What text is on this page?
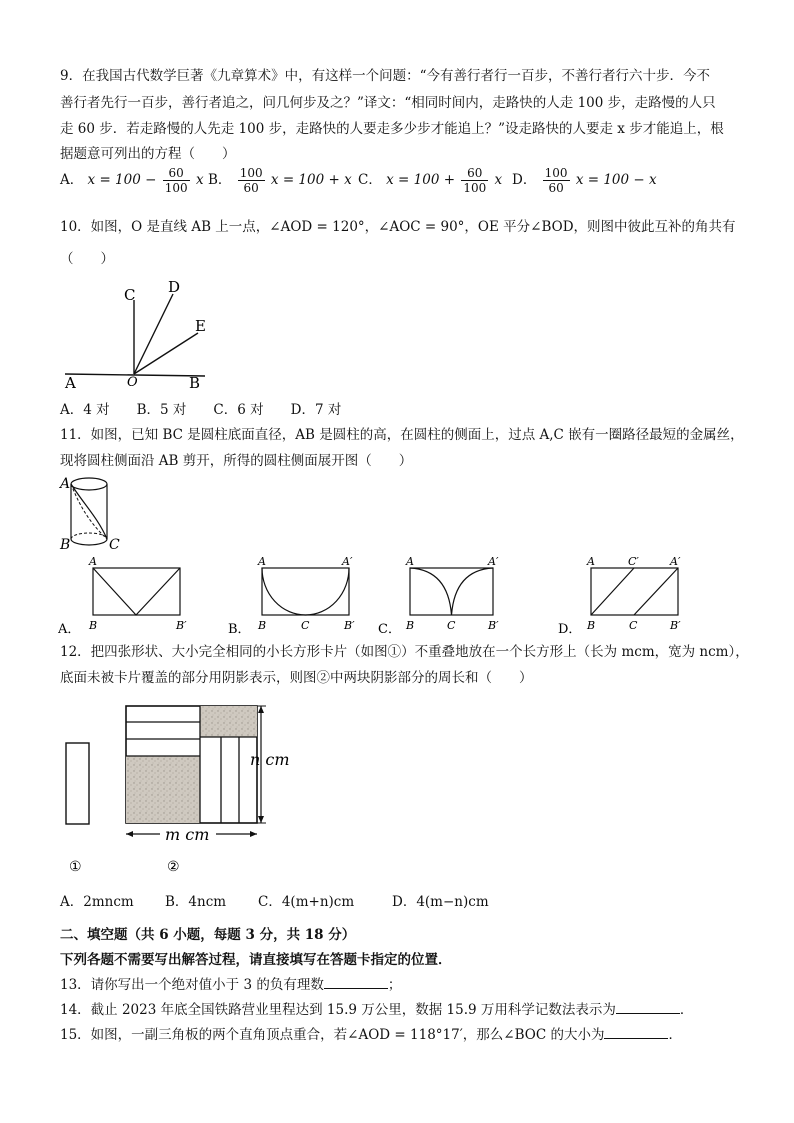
9．在我国古代数学巨著《九章算术》中，有这样一个问题：“今有善行者行一百步，不善行者行六十步．今不
善行者先行一百步，善行者追之，问几何步及之？”译文：“相同时间内，走路快的人走 100 步，走路慢的人只
走 60 步．若走路慢的人先走 100 步，走路快的人要走多少步才能追上？”设走路快的人要走 x 步才能追上，根
据题意可列出的方程（　　）
A． $x = 100 - \frac{60}{100}$ x B． $\frac{100}{60}$ x = 100 + x C． $x = 100 + \frac{60}{100}$ x D． $\frac{100}{60}$ x = 100 − x
10．如图，O 是直线 AB 上一点，∠AOD = 120°，∠AOC = 90°，OE 平分∠BOD，则图中彼此互补的角共有
（　　）
A	B
O
C D
E
A．4 对　　B．5 对　　C．6 对　　D．7 对
11．如图，已知 BC 是圆柱底面直径，AB 是圆柱的高，在圆柱的侧面上，过点 A,C 嵌有一圈路径最短的金属丝，
现将圆柱侧面沿 AB 剪开，所得的圆柱侧面展开图（　　）
A
B	C
A．
A
B	B′	B．
A	A′
B	C	B′ C．
A	A′
B	C	B′	D．
A	C′	A′
B	C	B′
12．把四张形状、大小完全相同的小长方形卡片（如图①）不重叠地放在一个长方形上（长为 mcm，宽为 ncm），
底面未被卡片覆盖的部分用阴影表示，则图②中两块阴影部分的周长和（　　）
n cm
m cm
①	②
A．2mncm B．4ncm C．4(m+n)cm	D．4(m−n)cm
二、填空题（共 6 小题，每题 3 分，共 18 分）
下列各题不需要写出解答过程，请直接填写在答题卡指定的位置．
13．请你写出一个绝对值小于 3 的负有理数	；
14．截止 2023 年底全国铁路营业里程达到 15.9 万公里，数据 15.9 万用科学记数法表示为	．
15．如图，一副三角板的两个直角顶点重合，若∠AOD = 118°17′，那么∠BOC 的大小为	．
